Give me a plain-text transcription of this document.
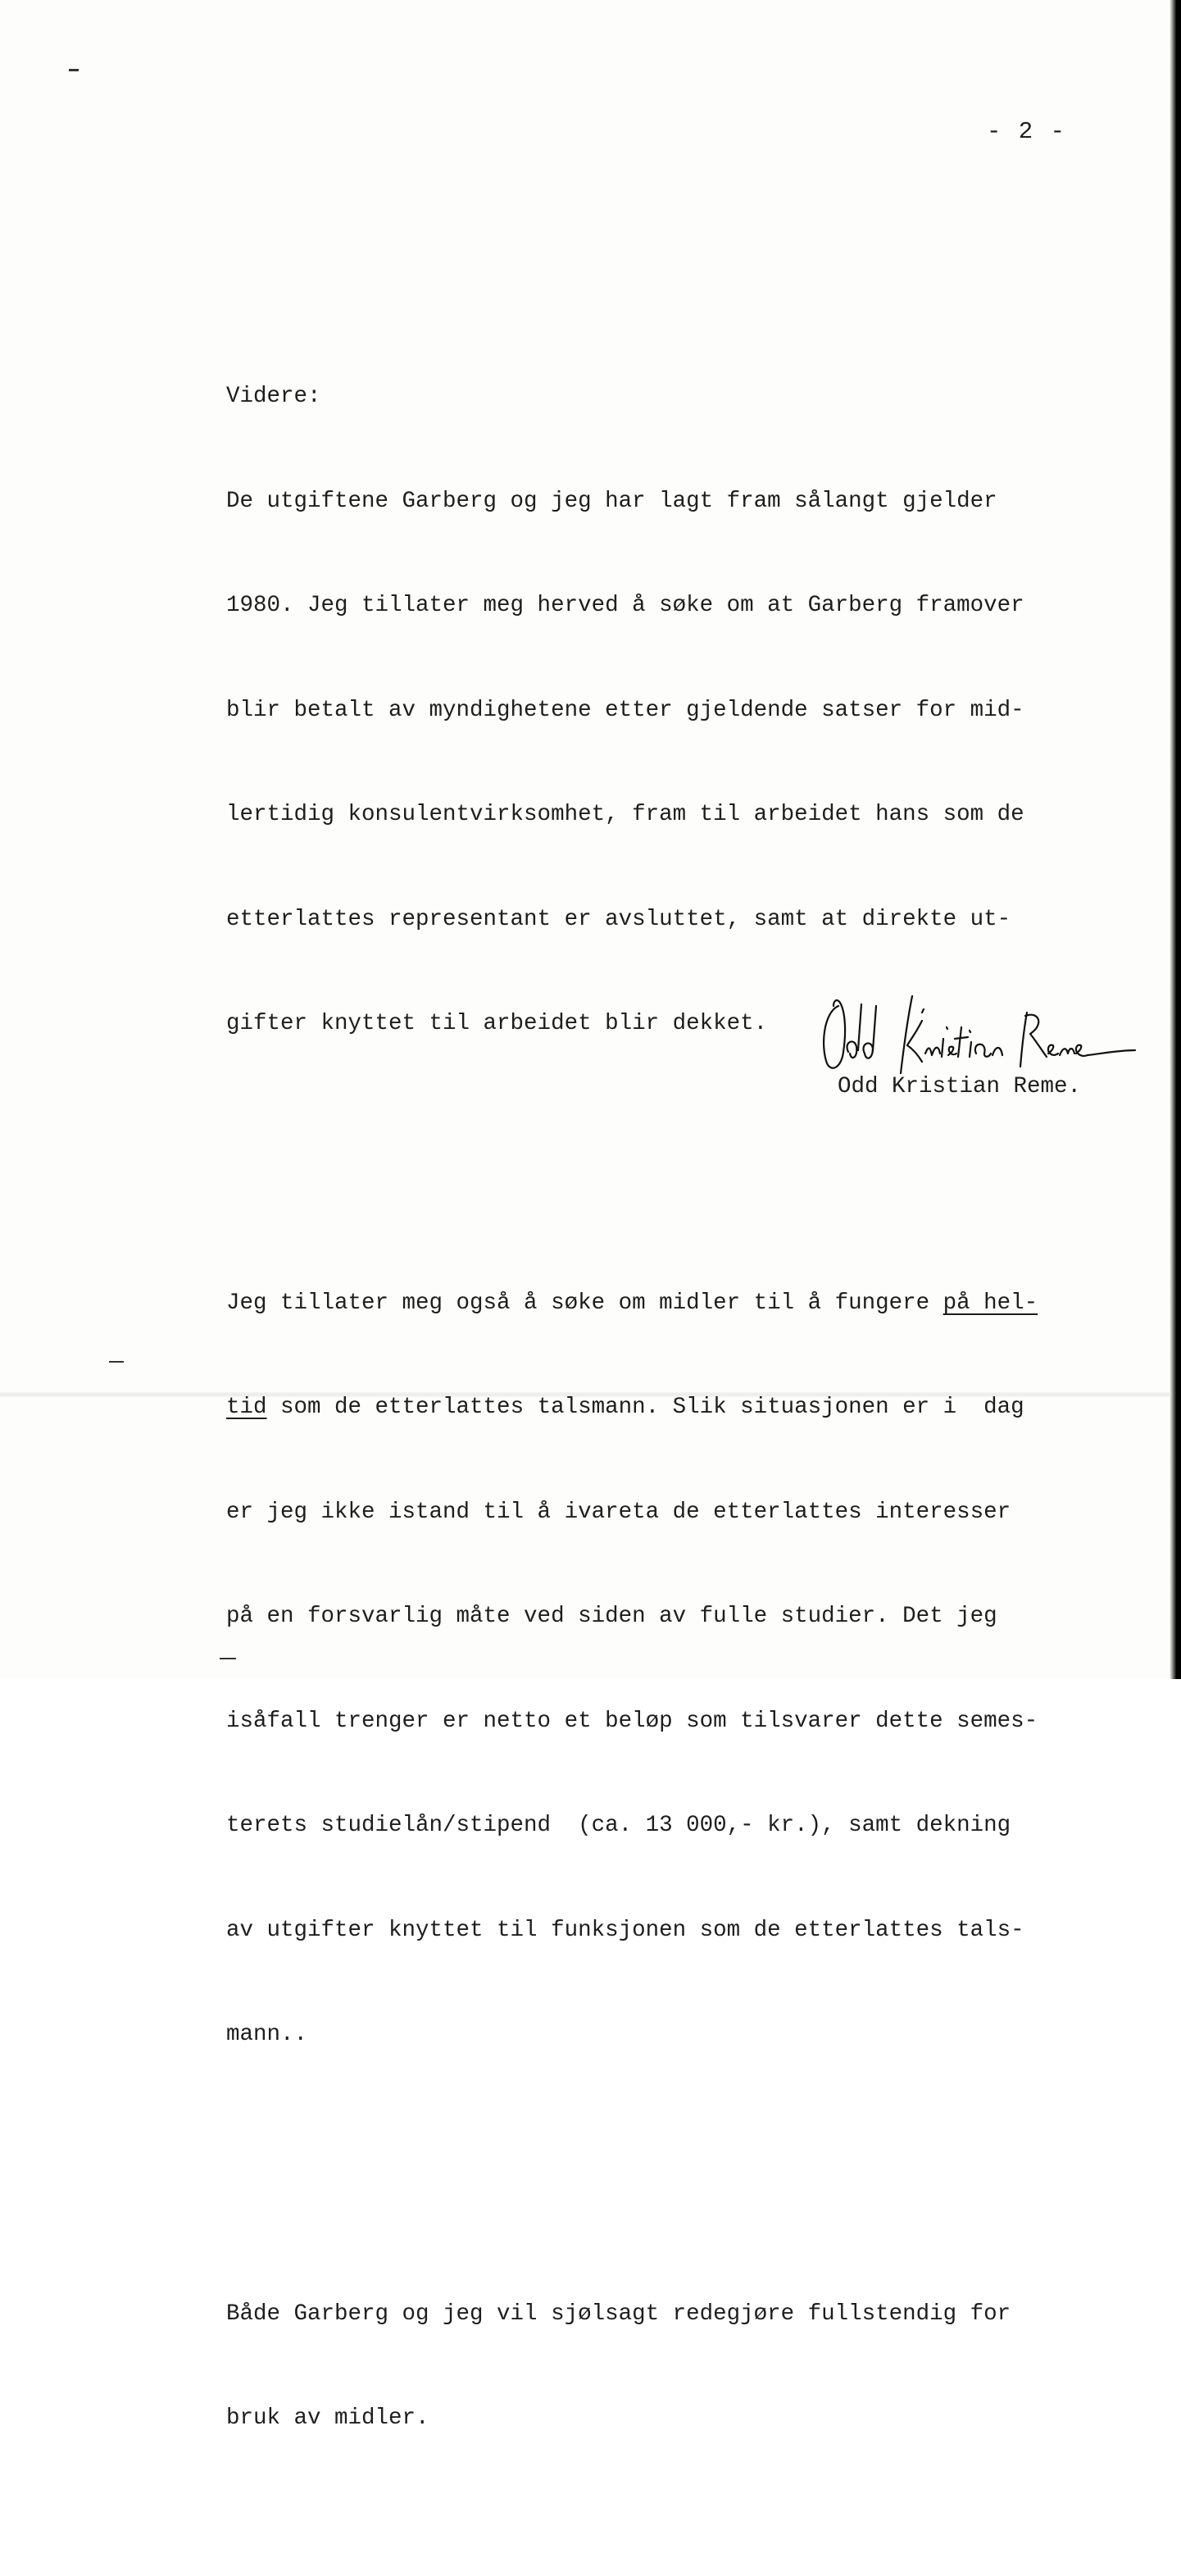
- 2 -

Videre:

De utgiftene Garberg og jeg har lagt fram sålangt gjelder

1980. Jeg tillater meg herved å søke om at Garberg framover

blir betalt av myndighetene etter gjeldende satser for mid-

lertidig konsulentvirksomhet, fram til arbeidet hans som de

etterlattes representant er avsluttet, samt at direkte ut-

gifter knyttet til arbeidet blir dekket.

Jeg tillater meg også å søke om midler til å fungere på hel-

tid som de etterlattes talsmann. Slik situasjonen er i  dag

er jeg ikke istand til å ivareta de etterlattes interesser

på en forsvarlig måte ved siden av fulle studier. Det jeg

isåfall trenger er netto et beløp som tilsvarer dette semes-

terets studielån/stipend  (ca. 13 000,- kr.), samt dekning

av utgifter knyttet til funksjonen som de etterlattes tals-

mann..

Både Garberg og jeg vil sjølsagt redegjøre fullstendig for

bruk av midler.

Odd Kristian Reme.
